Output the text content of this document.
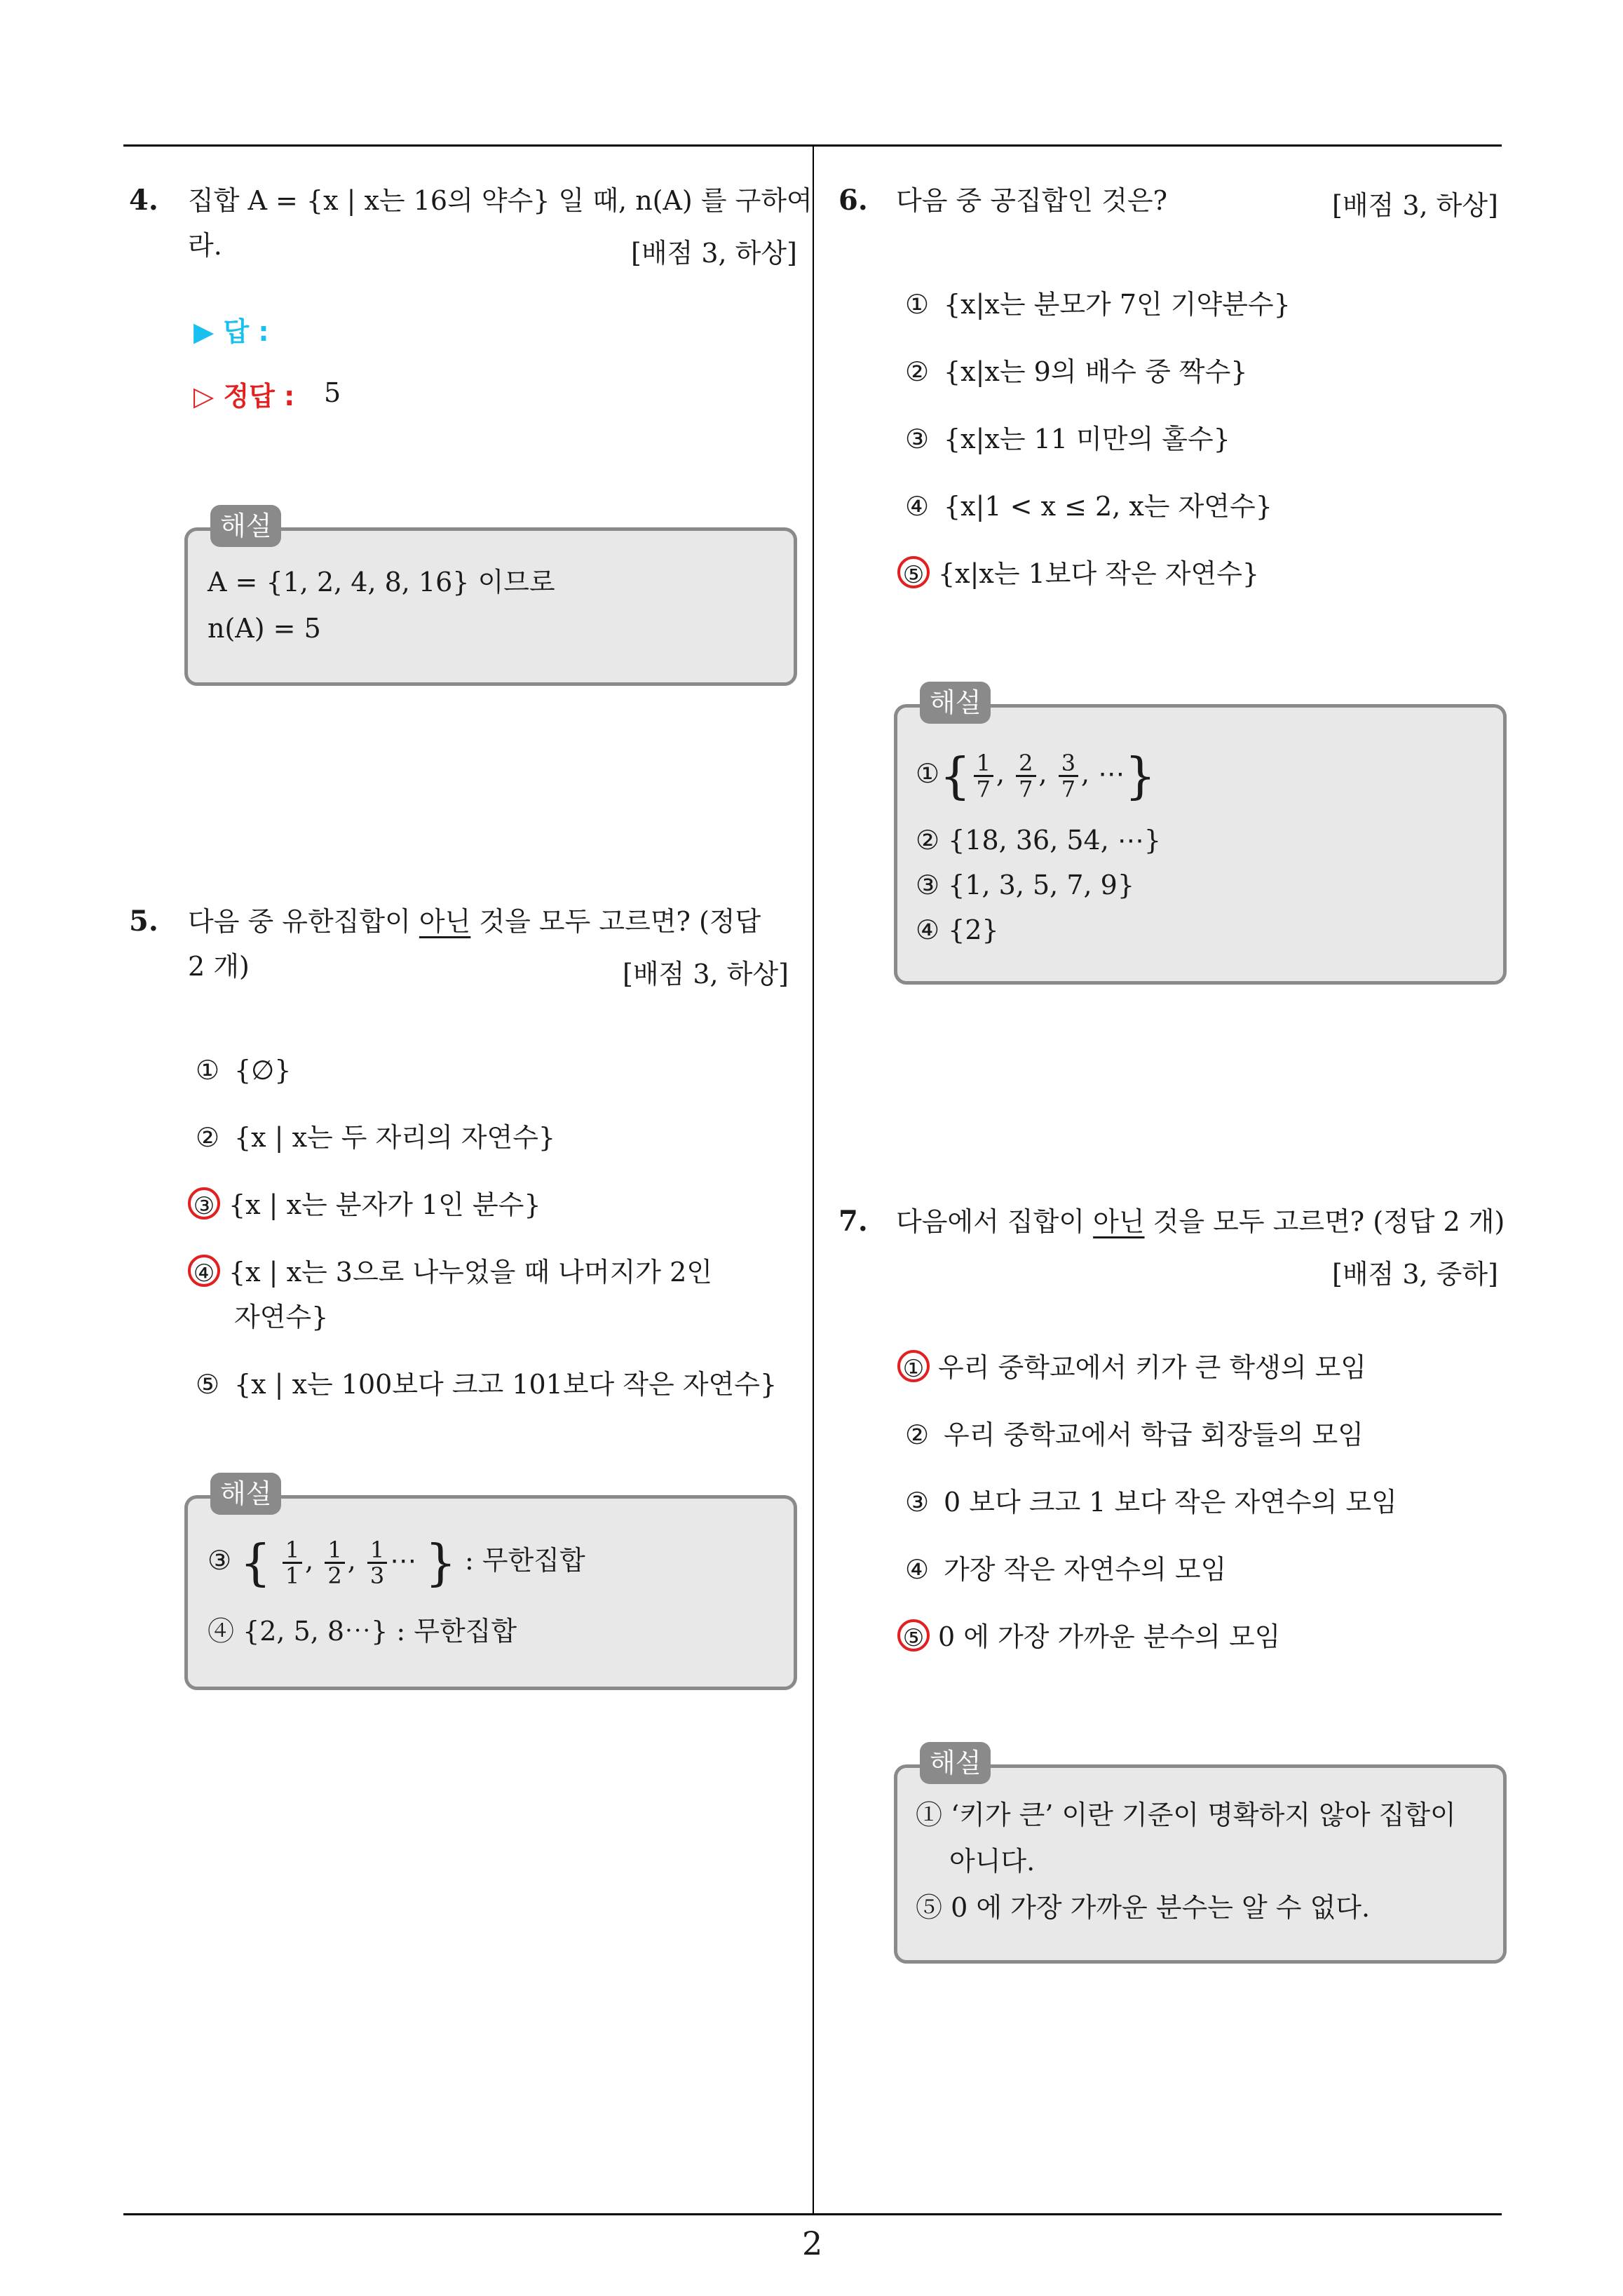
4. 집합 A = {x | x는 16의 약수} 일 때, n(A) 를 구하여
라.	[배점 3, 하상]
▶ 답 :
▷ 정답 : 5
해설
A = {1, 2, 4, 8, 16} 이므로
n(A) = 5
5. 다음 중 유한집합이 아닌 것을 모두 고르면? (정답
2 개)	[배점 3, 하상]
① {∅}
② {x | x는 두 자리의 자연수}
③ {x | x는 분자가 1인 분수}
④ {x | x는 3으로 나누었을 때 나머지가 2인
자연수}
⑤ {x | x는 100보다 크고 101보다 작은 자연수}
해설
③ { $\frac{1}{1}$ , $\frac{1}{2}$ , $\frac{1}{3}$ ⋯ } : 무한집합
④ {2, 5, 8⋯} : 무한집합
6. 다음 중 공집합인 것은?	[배점 3, 하상]
① {x|x는 분모가 7인 기약분수}
② {x|x는 9의 배수 중 짝수}
③ {x|x는 11 미만의 홀수}
④ {x|1 < x ≤ 2, x는 자연수}
⑤ {x|x는 1보다 작은 자연수}
해설
①{ $\frac{1}{7}$ , $\frac{2}{7}$ , $\frac{3}{7}$ , ⋯}
② {18, 36, 54, ⋯}
③ {1, 3, 5, 7, 9}
④ {2}
7. 다음에서 집합이 아닌 것을 모두 고르면? (정답 2 개)
[배점 3, 중하]
① 우리 중학교에서 키가 큰 학생의 모임
② 우리 중학교에서 학급 회장들의 모임
③ 0 보다 크고 1 보다 작은 자연수의 모임
④ 가장 작은 자연수의 모임
⑤ 0 에 가장 가까운 분수의 모임
해설
① ‘키가 큰’ 이란 기준이 명확하지 않아 집합이
아니다.
⑤ 0 에 가장 가까운 분수는 알 수 없다.
2
